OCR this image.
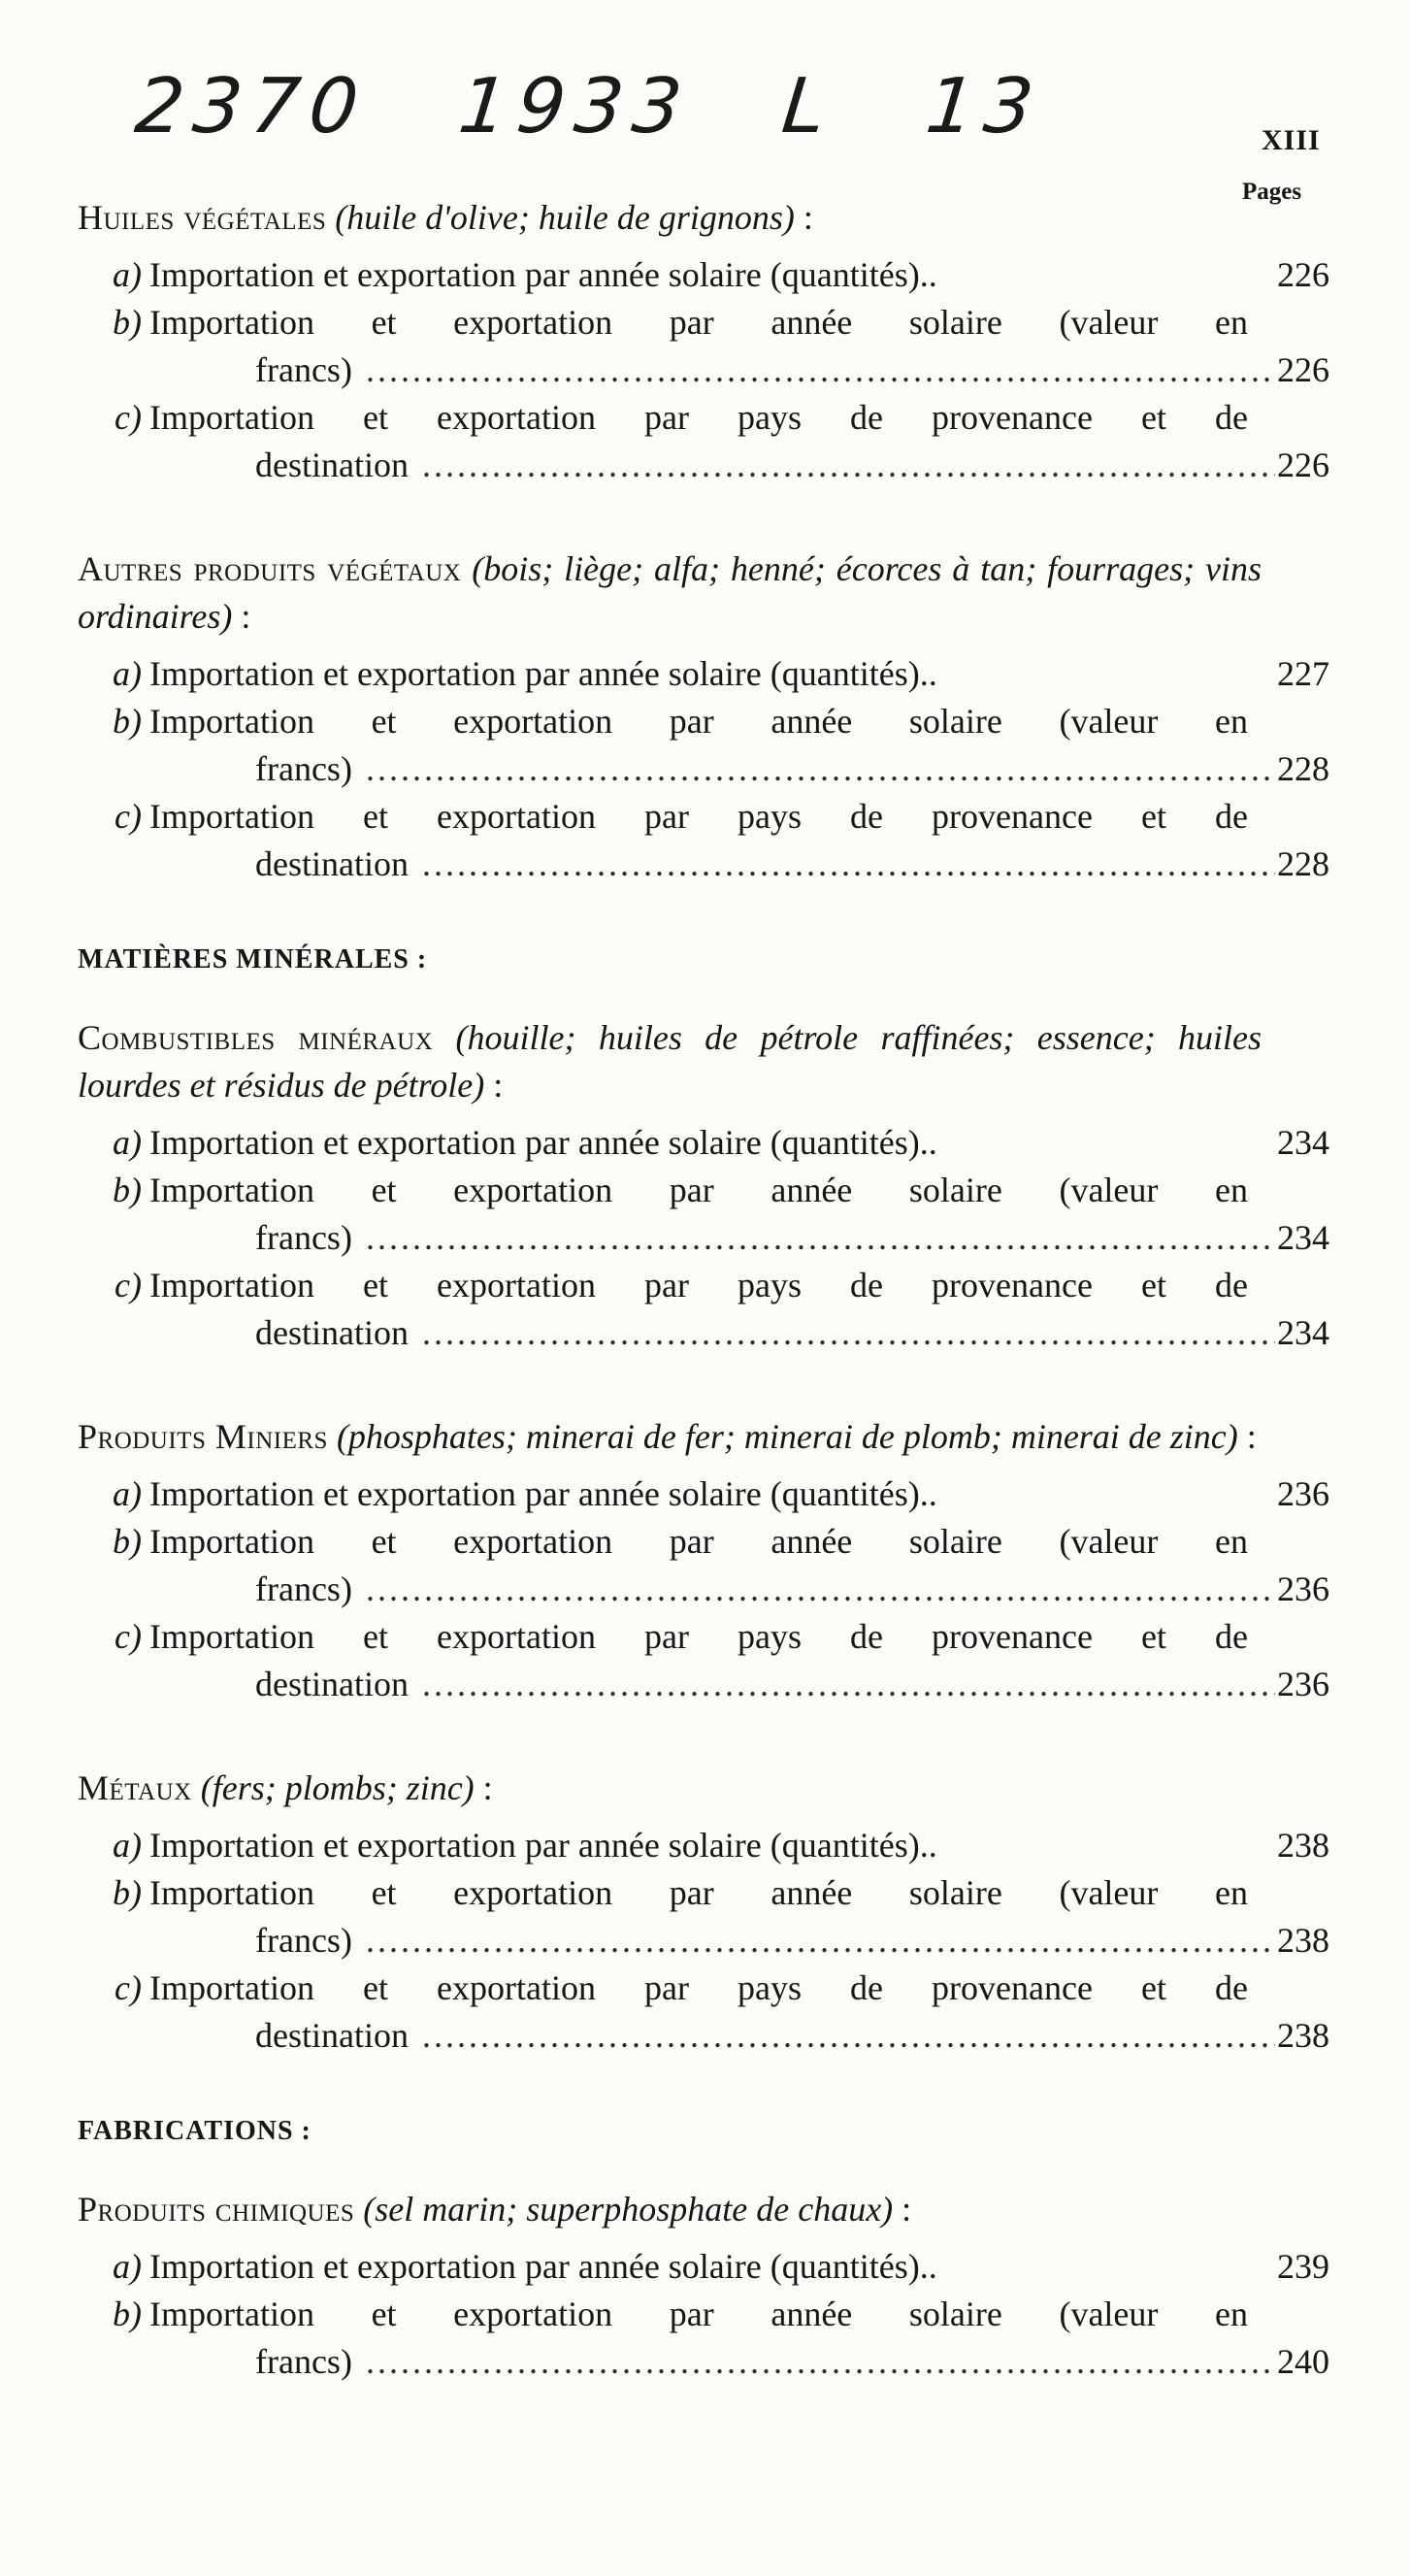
2370 1933 L 13	XIII
Pages
Huiles végétales (huile d'olive; huile de grignons) :
a) Importation et exportation par année solaire (quantités)..	226
b) Importation et exportation par année solaire (valeur en
francs) . . .	226
c) Importation et exportation par pays de provenance et de
destination . . .	226
Autres produits végétaux (bois; liège; alfa; henné; écorces à tan; fourrages; vins ordinaires) :
a) Importation et exportation par année solaire (quantités)..	227
b) Importation et exportation par année solaire (valeur en
francs) . . .	228
c) Importation et exportation par pays de provenance et de
destination . . .	228
MATIÈRES MINÉRALES :
Combustibles minéraux (houille; huiles de pétrole raffinées; essence; huiles lourdes et résidus de pétrole) :
a) Importation et exportation par année solaire (quantités)..	234
b) Importation et exportation par année solaire (valeur en
francs) . . .	234
c) Importation et exportation par pays de provenance et de
destination . . .	234
Produits Miniers (phosphates; minerai de fer; minerai de plomb; minerai de zinc) :
a) Importation et exportation par année solaire (quantités)..	236
b) Importation et exportation par année solaire (valeur en
francs) . . .	236
c) Importation et exportation par pays de provenance et de
destination . . .	236
Métaux (fers; plombs; zinc) :
a) Importation et exportation par année solaire (quantités)..	238
b) Importation et exportation par année solaire (valeur en
francs) . . .	238
c) Importation et exportation par pays de provenance et de
destination . . .	238
FABRICATIONS :
Produits chimiques (sel marin; superphosphate de chaux) :
a) Importation et exportation par année solaire (quantités)..	239
b) Importation et exportation par année solaire (valeur en
francs) . . .	240
